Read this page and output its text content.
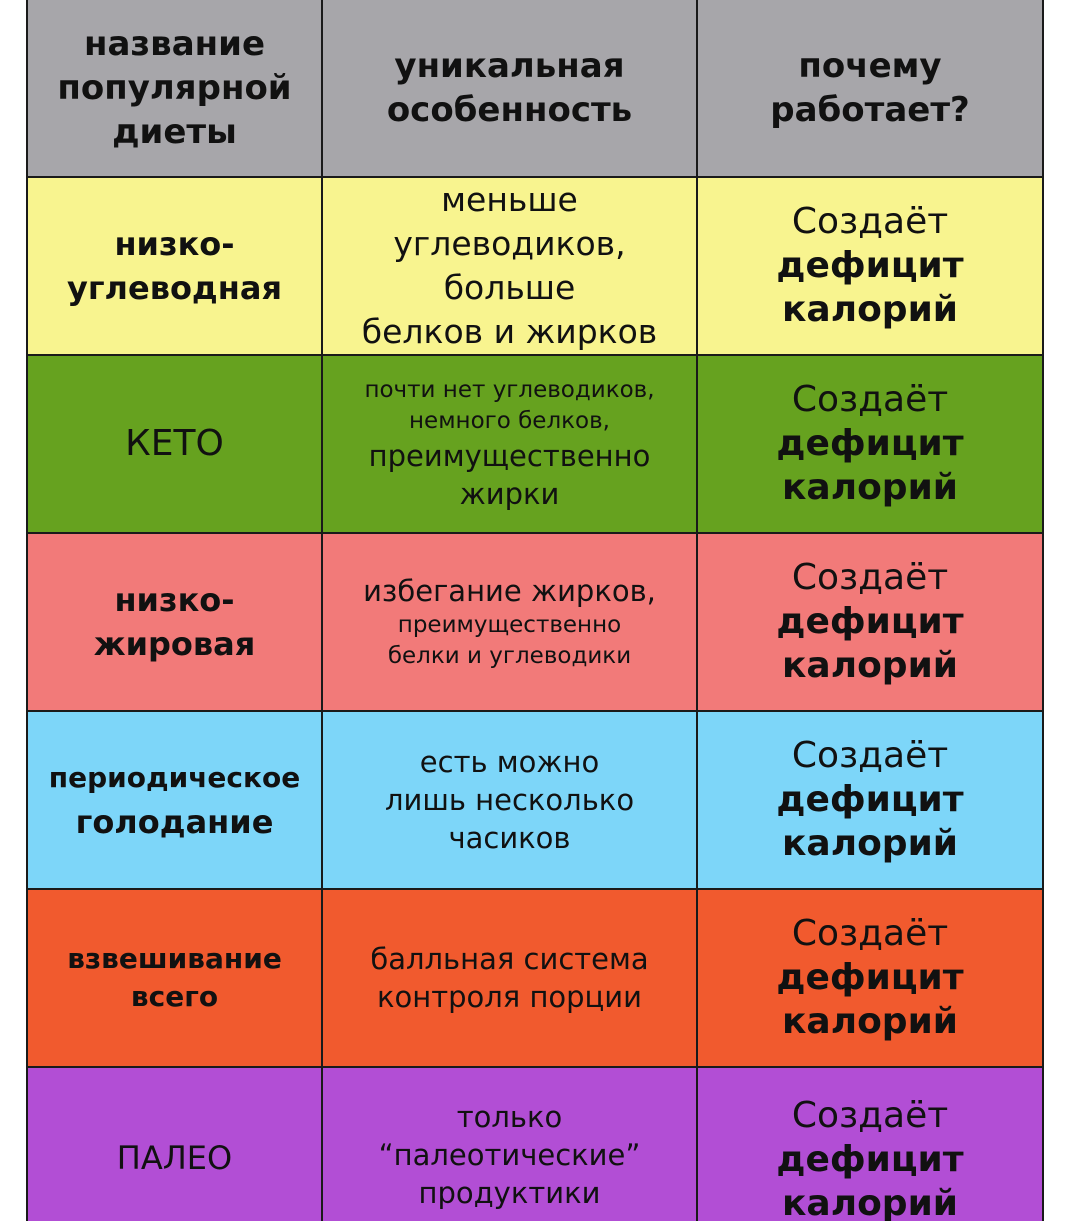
название
популярной
диеты
уникальная
особенность
почему
работает?
низко-
углеводная
меньше
углеводиков,
больше
белков и жирков
Создаёт
дефицит
калорий
КЕТО
почти нет углеводиков,
немного белков,
преимущественно
жирки
Создаёт
дефицит
калорий
низко-
жировая
избегание жирков,
преимущественно
белки и углеводики
Создаёт
дефицит
калорий
периодическое
голодание
есть можно
лишь несколько
часиков
Создаёт
дефицит
калорий
взвешивание
всего
балльная система
контроля порции
Создаёт
дефицит
калорий
ПАЛЕО
только
“палеотические”
продуктики
Создаёт
дефицит
калорий
